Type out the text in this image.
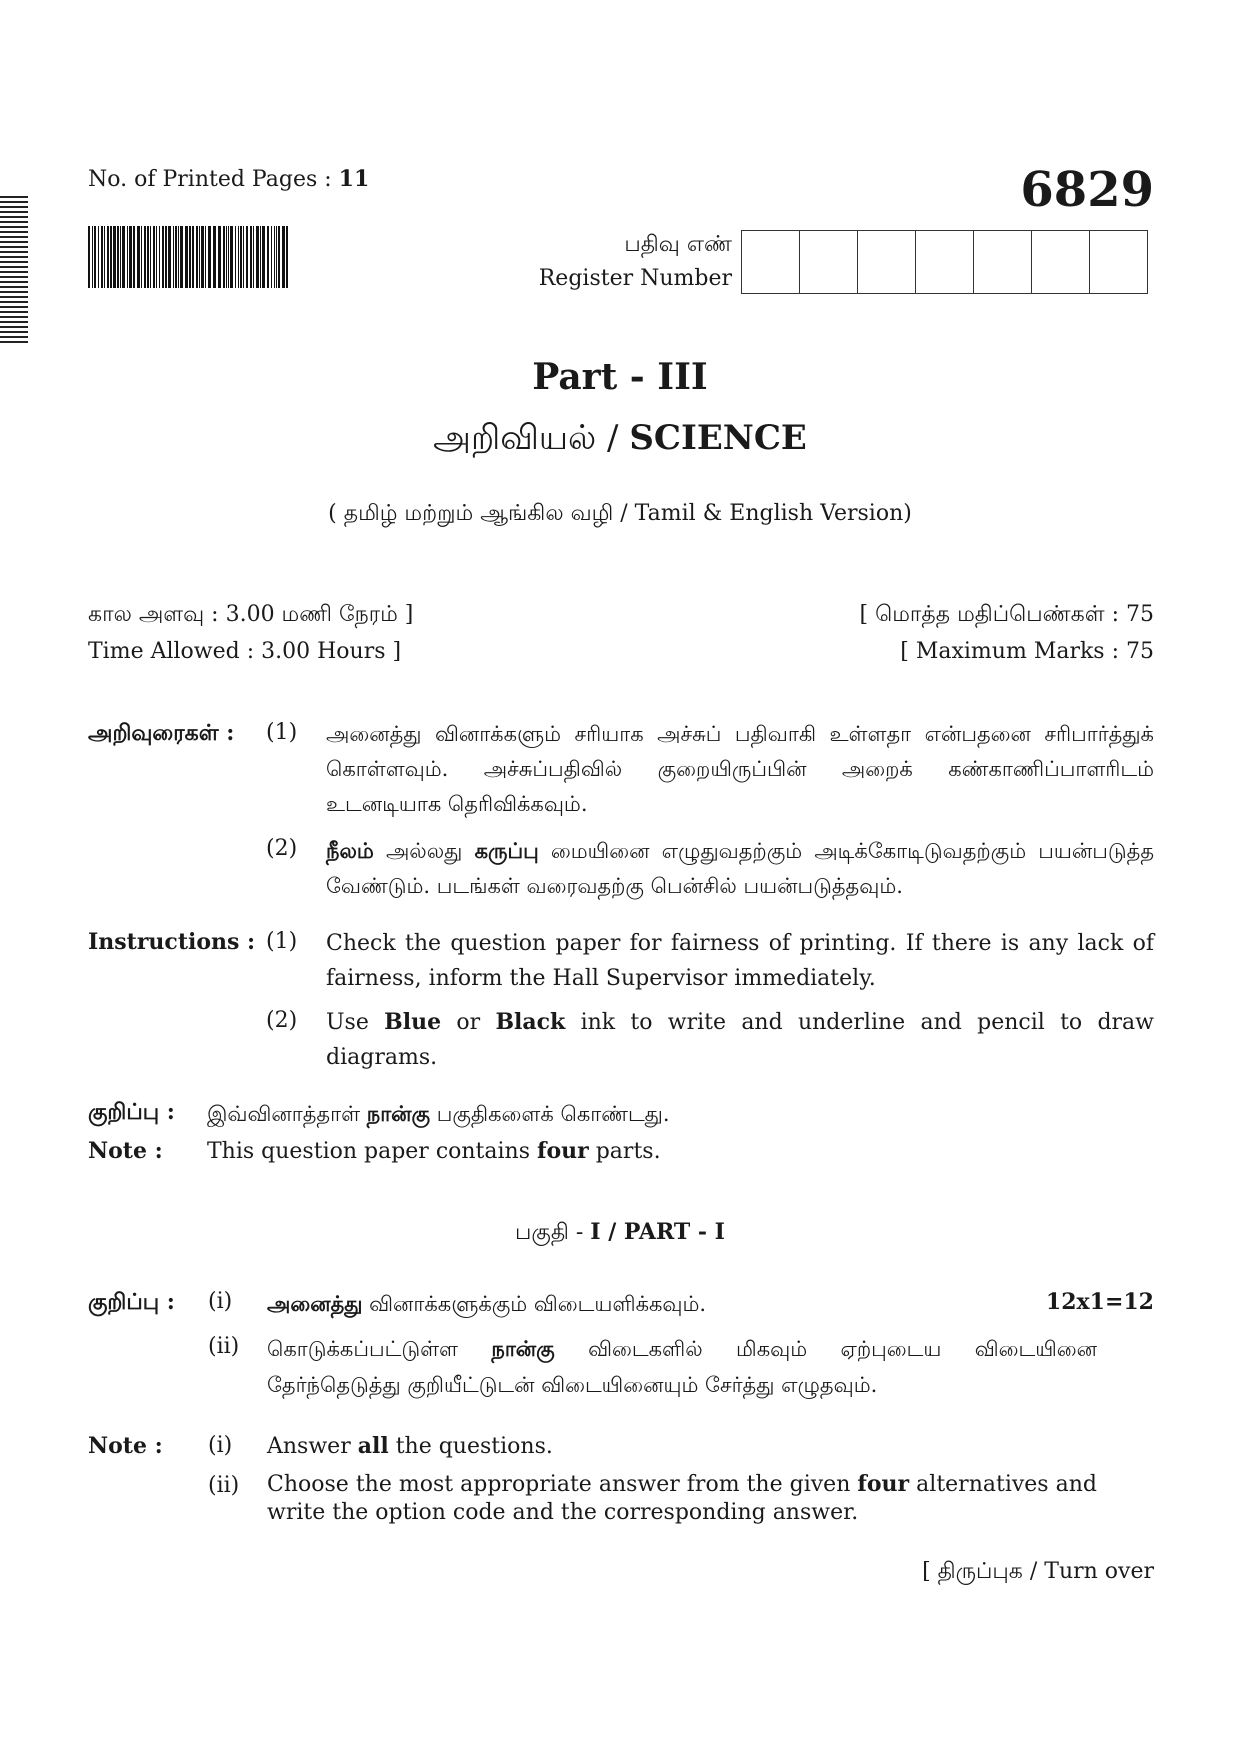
No. of Printed Pages : 11	6829
பதிவு எண்
Register Number
Part - III
அறிவியல் / SCIENCE
( தமிழ் மற்றும் ஆங்கில வழி / Tamil & English Version)
கால அளவு : 3.00 மணி நேரம் ]
Time Allowed : 3.00 Hours ]
[ மொத்த மதிப்பெண்கள் : 75
[ Maximum Marks : 75
அறிவுரைகள் : (1) அனைத்து வினாக்களும் சரியாக அச்சுப் பதிவாகி உள்ளதா என்பதனை சரிபார்த்துக் கொள்ளவும். அச்சுப்பதிவில் குறையிருப்பின் அறைக் கண்காணிப்பாளரிடம் உடனடியாக தெரிவிக்கவும்.
(2) நீலம் அல்லது கருப்பு மையினை எழுதுவதற்கும் அடிக்கோடிடுவதற்கும் பயன்படுத்த வேண்டும். படங்கள் வரைவதற்கு பென்சில் பயன்படுத்தவும்.
Instructions : (1) Check the question paper for fairness of printing. If there is any lack of fairness, inform the Hall Supervisor immediately.
(2) Use Blue or Black ink to write and underline and pencil to draw diagrams.
குறிப்பு : இவ்வினாத்தாள் நான்கு பகுதிகளைக் கொண்டது.
Note : This question paper contains four parts.
பகுதி - I / PART - I
குறிப்பு : (i) அனைத்து வினாக்களுக்கும் விடையளிக்கவும்.	12x1=12
(ii) கொடுக்கப்பட்டுள்ள நான்கு விடைகளில் மிகவும் ஏற்புடைய விடையினை தேர்ந்தெடுத்து குறியீட்டுடன் விடையினையும் சேர்த்து எழுதவும்.
Note : (i) Answer all the questions.
(ii) Choose the most appropriate answer from the given four alternatives and write the option code and the corresponding answer.
[ திருப்புக / Turn over
